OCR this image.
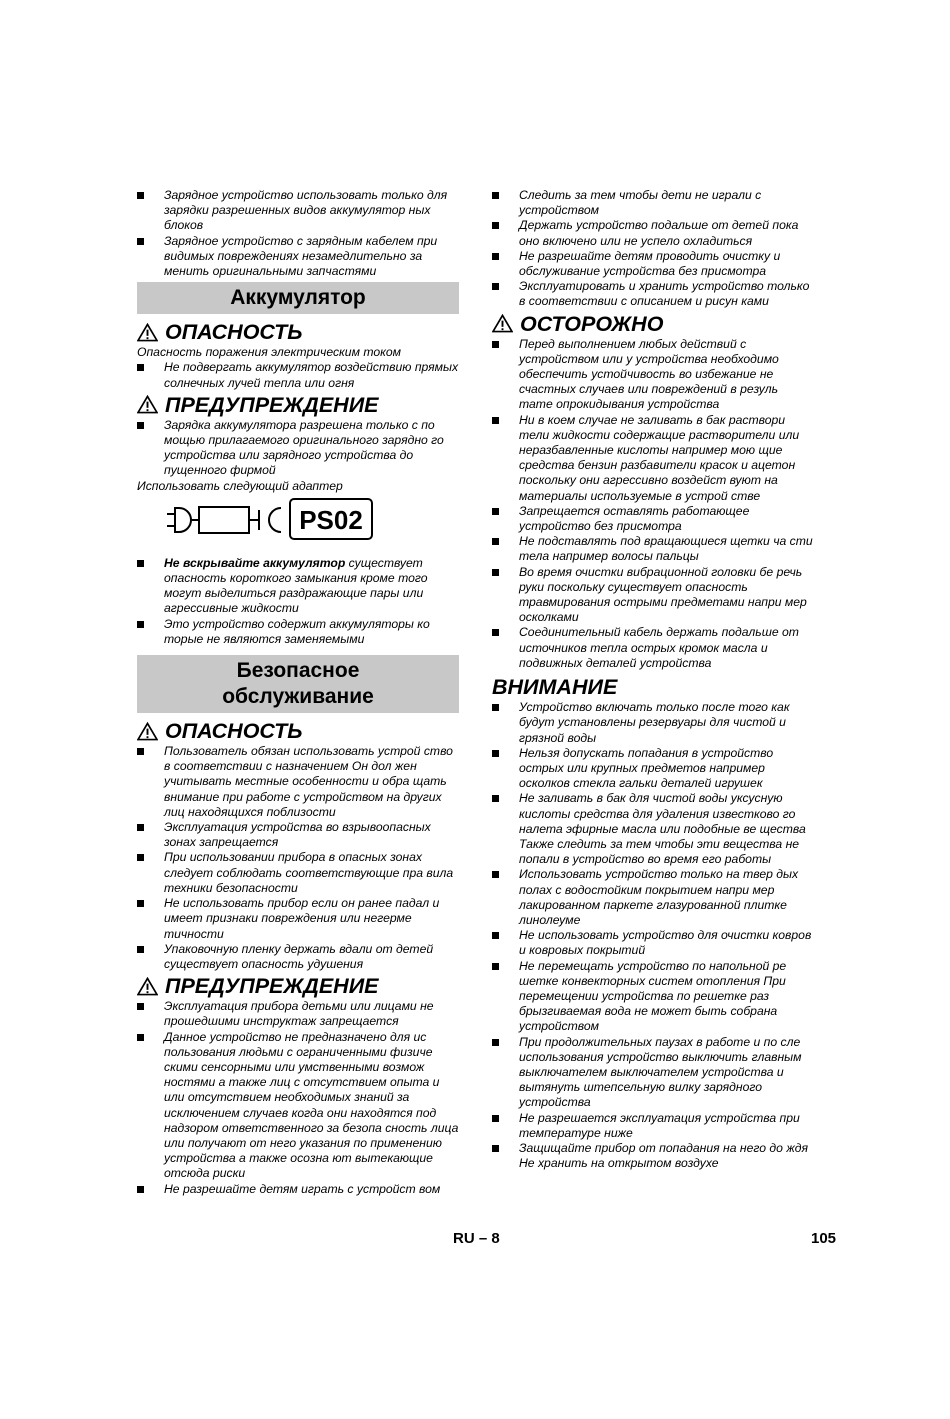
Зарядное устройство использовать только для зарядки разрешенных видов аккумулятор ных блоков
Зарядное устройство с зарядным кабелем при видимых повреждениях незамедлительно за менить оригинальными запчастями
Аккумулятор
ОПАСНОСТЬ

Опасность поражения электрическим током

Не подвергать аккумулятор воздействию прямых солнечных лучей тепла или огня
ПРЕДУПРЕЖДЕНИЕ
Зарядка аккумулятора разрешена только с по мощью прилагаемого оригинального зарядно го устройства или зарядного устройства до пущенного фирмой

Использовать следующий адаптер

PS02
Не вскрывайте аккумулятор существует опасность короткого замыкания кроме того могут выделиться раздражающие пары или агрессивные жидкости
Это устройство содержит аккумуляторы ко торые не являются заменяемыми
Безопасное
обслуживание
ОПАСНОСТЬ
Пользователь обязан использовать устрой ство в соответствии с назначением Он дол жен учитывать местные особенности и обра щать внимание при работе с устройством на других лиц находящихся поблизости
Эксплуатация устройства во взрывоопасных зонах запрещается
При использовании прибора в опасных зонах следует соблюдать соответствующие пра вила техники безопасности
Не использовать прибор если он ранее падал и имеет признаки повреждения или негерме тичности
Упаковочную пленку держать вдали от детей существует опасность удушения
ПРЕДУПРЕЖДЕНИЕ
Эксплуатация прибора детьми или лицами не прошедшими инструктаж запрещается
Данное устройство не предназначено для ис пользования людьми с ограниченными физиче скими сенсорными или умственными возмож ностями а также лиц с отсутствием опыта и или отсутствием необходимых знаний за исключением случаев когда они находятся под надзором ответственного за безопа сность лица или получают от него указания по применению устройства а также осозна ют вытекающие отсюда риски
Не разрешайте детям играть с устройст вом
Следить за тем чтобы дети не играли с устройством
Держать устройство подальше от детей пока оно включено или не успело охладиться
Не разрешайте детям проводить очистку и обслуживание устройства без присмотра
Эксплуатировать и хранить устройство только в соответствии с описанием и рисун ками
ОСТОРОЖНО
Перед выполнением любых действий с устройством или у устройства необходимо обеспечить устойчивость во избежание не счастных случаев или повреждений в резуль тате опрокидывания устройства
Ни в коем случае не заливать в бак раствори тели жидкости содержащие растворители или неразбавленные кислоты например мою щие средства бензин разбавители красок и ацетон поскольку они агрессивно воздейст вуют на материалы используемые в устрой стве
Запрещается оставлять работающее устройство без присмотра
Не подставлять под вращающиеся щетки ча сти тела например волосы пальцы
Во время очистки вибрационной головки бе речь руки поскольку существует опасность травмирования острыми предметами напри мер осколками
Соединительный кабель держать подальше от источников тепла острых кромок масла и подвижных деталей устройства
ВНИМАНИЕ
Устройство включать только после того как будут установлены резервуары для чистой и грязной воды
Нельзя допускать попадания в устройство острых или крупных предметов например осколков стекла гальки деталей игрушек
Не заливать в бак для чистой воды уксусную кислоты средства для удаления известково го налета эфирные масла или подобные ве щества Также следить за тем чтобы эти вещества не попали в устройство во время его работы
Использовать устройство только на твер дых полах с водостойким покрытием напри мер лакированном паркете глазурованной плитке линолеуме
Не использовать устройство для очистки ковров и ковровых покрытий
Не перемещать устройство по напольной ре шетке конвекторных систем отопления При перемещении устройства по решетке раз брызгиваемая вода не может быть собрана устройством
При продолжительных паузах в работе и по сле использования устройство выключить главным выключателем выключателем устройства и вытянуть штепсельную вилку зарядного устройства
Не разрешается эксплуатация устройства при температуре ниже
Защищайте прибор от попадания на него до ждя Не хранить на открытом воздухе
RU – 8	105
